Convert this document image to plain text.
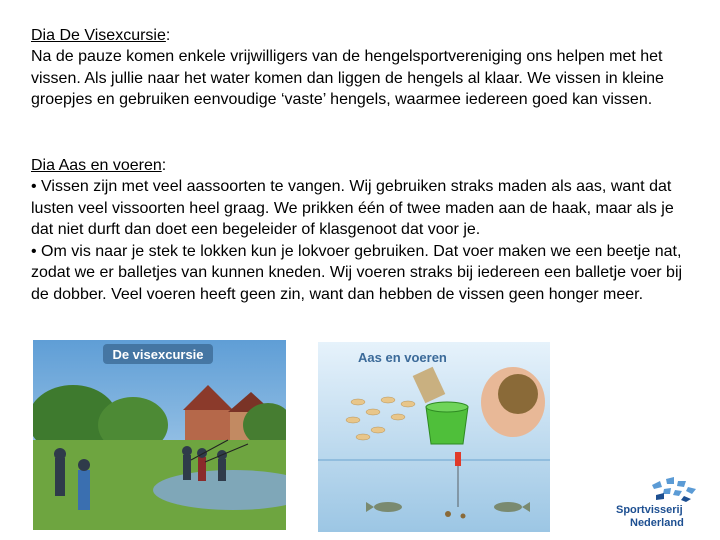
Dia De Visexcursie:

Na de pauze komen enkele vrijwilligers van de hengelsportvereniging ons helpen met het vissen. Als jullie naar het water komen dan liggen de hengels al klaar. We vissen in kleine groepjes en gebruiken eenvoudige ‘vaste’ hengels, waarmee iedereen goed kan vissen.

Dia Aas en voeren:

• Vissen zijn met veel aassoorten te vangen. Wij gebruiken straks maden als aas, want dat lusten veel vissoorten heel graag. We prikken één of twee maden aan de haak, maar als je dat niet durft dan doet een begeleider of klasgenoot dat voor je.

• Om vis naar je stek te lokken kun je lokvoer gebruiken. Dat voer maken we een beetje nat, zodat we er balletjes van kunnen kneden. Wij voeren straks bij iedereen een balletje voer bij de dobber. Veel voeren heeft geen zin, want dan hebben de vissen geen honger meer.

De visexcursie	Aas en voeren
Sportvisserij
Nederland
